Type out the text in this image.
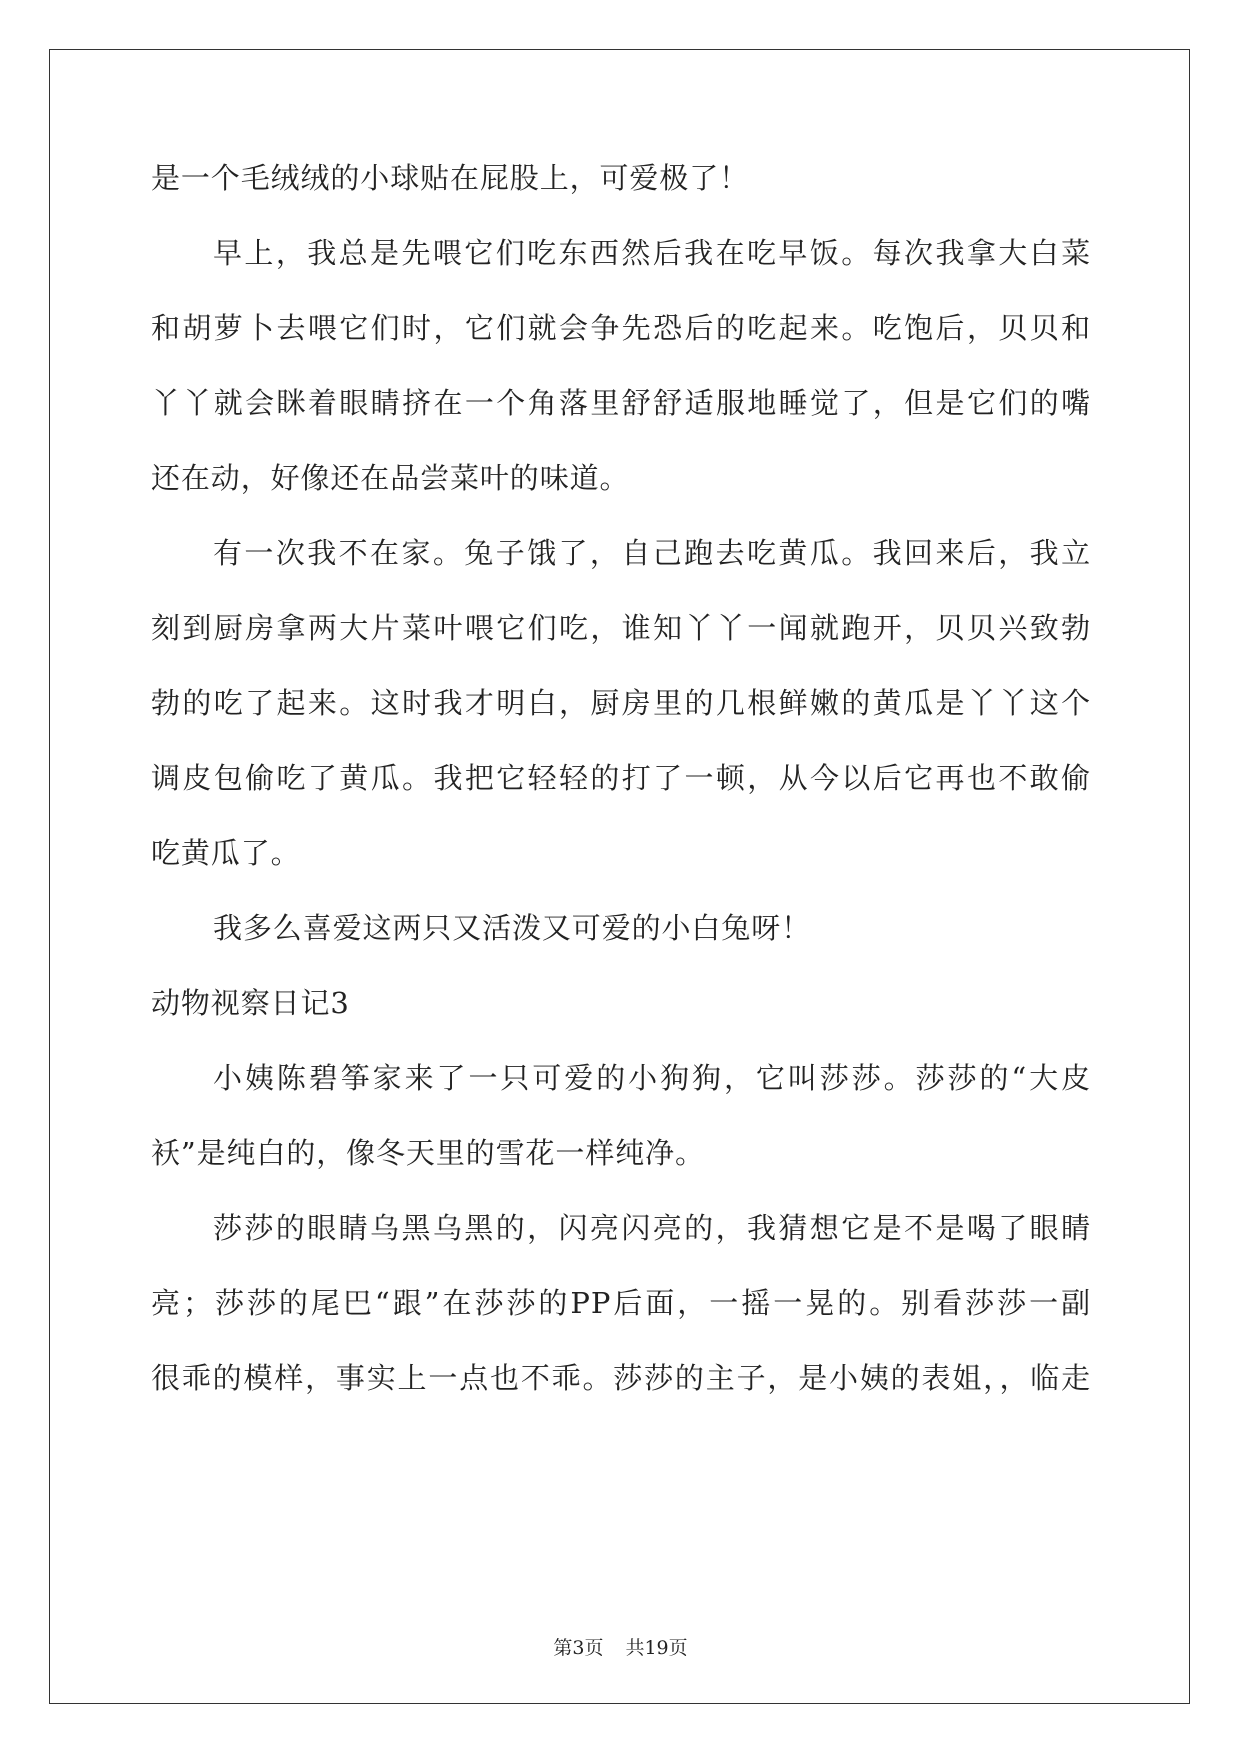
是一个毛绒绒的小球贴在屁股上，可爱极了！
早上，我总是先喂它们吃东西然后我在吃早饭。每次我拿大白菜
和胡萝卜去喂它们时，它们就会争先恐后的吃起来。吃饱后，贝贝和
丫丫就会眯着眼睛挤在一个角落里舒舒适服地睡觉了，但是它们的嘴
还在动，好像还在品尝菜叶的味道。
有一次我不在家。兔子饿了，自己跑去吃黄瓜。我回来后，我立
刻到厨房拿两大片菜叶喂它们吃，谁知丫丫一闻就跑开，贝贝兴致勃
勃的吃了起来。这时我才明白，厨房里的几根鲜嫩的黄瓜是丫丫这个
调皮包偷吃了黄瓜。我把它轻轻的打了一顿，从今以后它再也不敢偷
吃黄瓜了。
我多么喜爱这两只又活泼又可爱的小白兔呀！
动物视察日记3
小姨陈碧筝家来了一只可爱的小狗狗，它叫莎莎。莎莎的“大皮
袄”是纯白的，像冬天里的雪花一样纯净。
莎莎的眼睛乌黑乌黑的，闪亮闪亮的，我猜想它是不是喝了眼睛
亮；莎莎的尾巴“跟”在莎莎的PP后面，一摇一晃的。别看莎莎一副
很乖的模样，事实上一点也不乖。莎莎的主子，是小姨的表姐，，临走
第3页 共19页
